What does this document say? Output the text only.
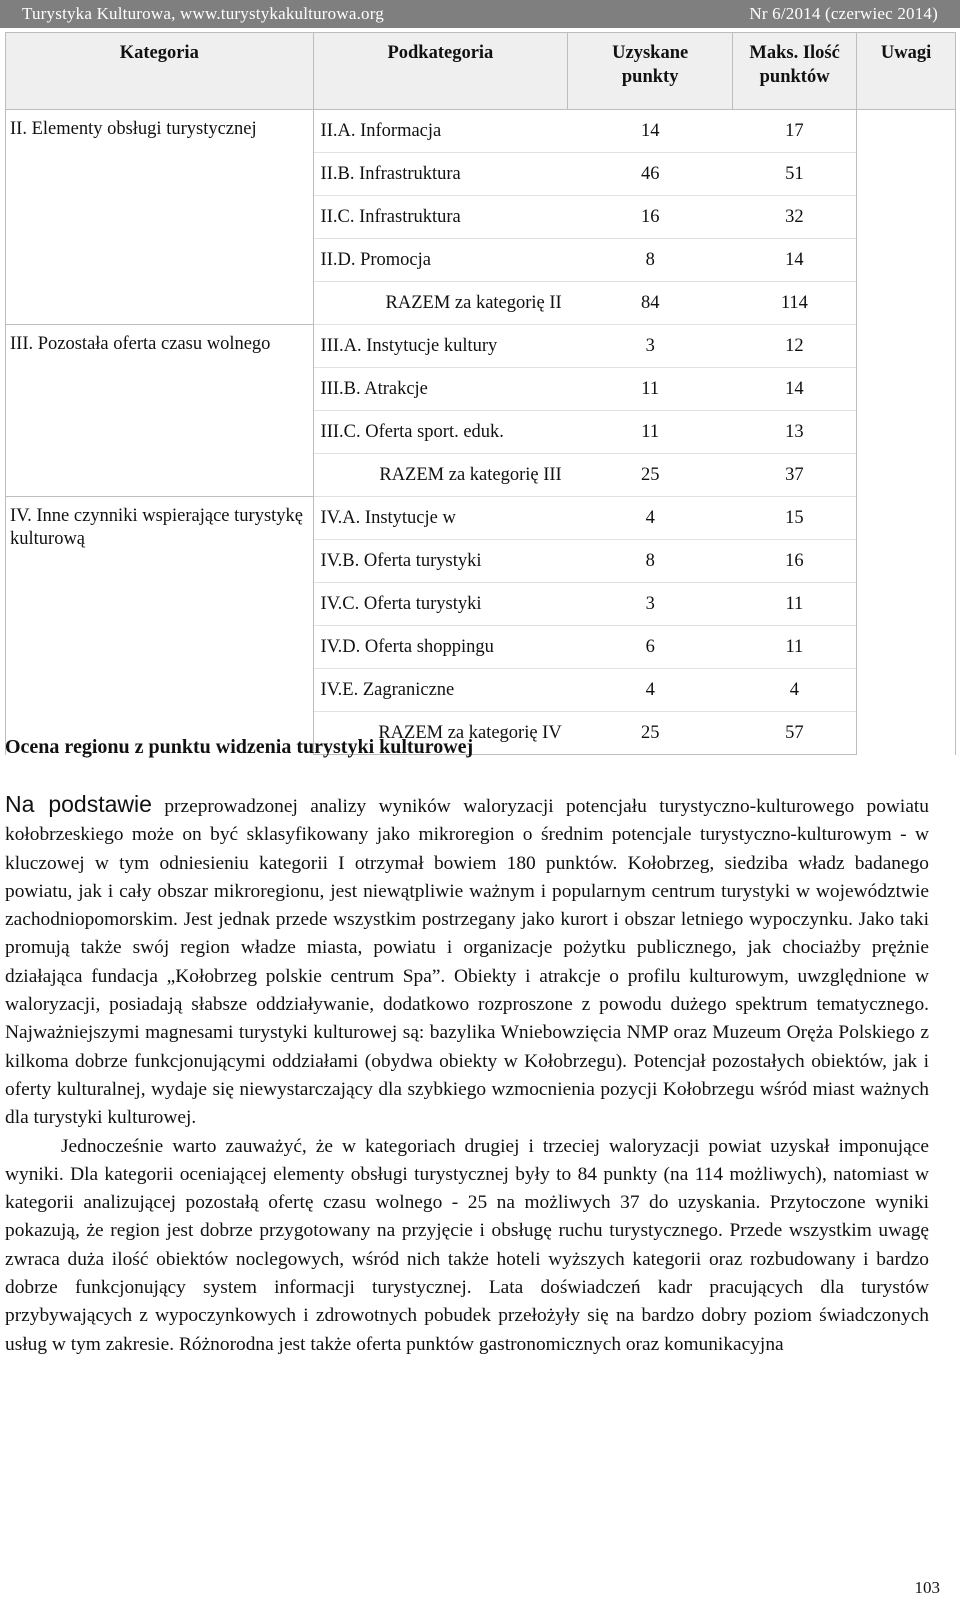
Turystyka Kulturowa, www.turystykakulturowa.org	Nr 6/2014 (czerwiec 2014)
Kategoria	Podkategoria	Uzyskane punkty	Maks. Ilość punktów	Uwagi
II. Elementy obsługi turystycznej	II.A. Informacja	14	17	
	II.B. Infrastruktura	46	51	
	II.C. Infrastruktura	16	32	
	II.D. Promocja	8	14	
	RAZEM za kategorię II	84	114	
III. Pozostała oferta czasu wolnego	III.A. Instytucje kultury	3	12	
	III.B. Atrakcje	11	14	
	III.C. Oferta sport. eduk.	11	13	
	RAZEM za kategorię III	25	37	
IV. Inne czynniki wspierające turystykę kulturową	IV.A. Instytucje w	4	15	
	IV.B. Oferta turystyki	8	16	
	IV.C. Oferta turystyki	3	11	
	IV.D. Oferta shoppingu	6	11	
	IV.E. Zagraniczne	4	4	
	RAZEM za kategorię IV	25	57	
Ocena regionu z punktu widzenia turystyki kulturowej

Na podstawie przeprowadzonej analizy wyników waloryzacji potencjału turystyczno-kulturowego powiatu kołobrzeskiego może on być sklasyfikowany jako mikroregion o średnim potencjale turystyczno-kulturowym - w kluczowej w tym odniesieniu kategorii I otrzymał bowiem 180 punktów. Kołobrzeg, siedziba władz badanego powiatu, jak i cały obszar mikroregionu, jest niewątpliwie ważnym i popularnym centrum turystyki w województwie zachodniopomorskim. Jest jednak przede wszystkim postrzegany jako kurort i obszar letniego wypoczynku. Jako taki promują także swój region władze miasta, powiatu i organizacje pożytku publicznego, jak chociażby prężnie działająca fundacja „Kołobrzeg polskie centrum Spa”. Obiekty i atrakcje o profilu kulturowym, uwzględnione w waloryzacji, posiadają słabsze oddziaływanie, dodatkowo rozproszone z powodu dużego spektrum tematycznego. Najważniejszymi magnesami turystyki kulturowej są: bazylika Wniebowzięcia NMP oraz Muzeum Oręża Polskiego z kilkoma dobrze funkcjonującymi oddziałami (obydwa obiekty w Kołobrzegu). Potencjał pozostałych obiektów, jak i oferty kulturalnej, wydaje się niewystarczający dla szybkiego wzmocnienia pozycji Kołobrzegu wśród miast ważnych dla turystyki kulturowej.

Jednocześnie warto zauważyć, że w kategoriach drugiej i trzeciej waloryzacji powiat uzyskał imponujące wyniki. Dla kategorii oceniającej elementy obsługi turystycznej były to 84 punkty (na 114 możliwych), natomiast w kategorii analizującej pozostałą ofertę czasu wolnego - 25 na możliwych 37 do uzyskania. Przytoczone wyniki pokazują, że region jest dobrze przygotowany na przyjęcie i obsługę ruchu turystycznego. Przede wszystkim uwagę zwraca duża ilość obiektów noclegowych, wśród nich także hoteli wyższych kategorii oraz rozbudowany i bardzo dobrze funkcjonujący system informacji turystycznej. Lata doświadczeń kadr pracujących dla turystów przybywających z wypoczynkowych i zdrowotnych pobudek przełożyły się na bardzo dobry poziom świadczonych usług w tym zakresie. Różnorodna jest także oferta punktów gastronomicznych oraz komunikacyjna

103
